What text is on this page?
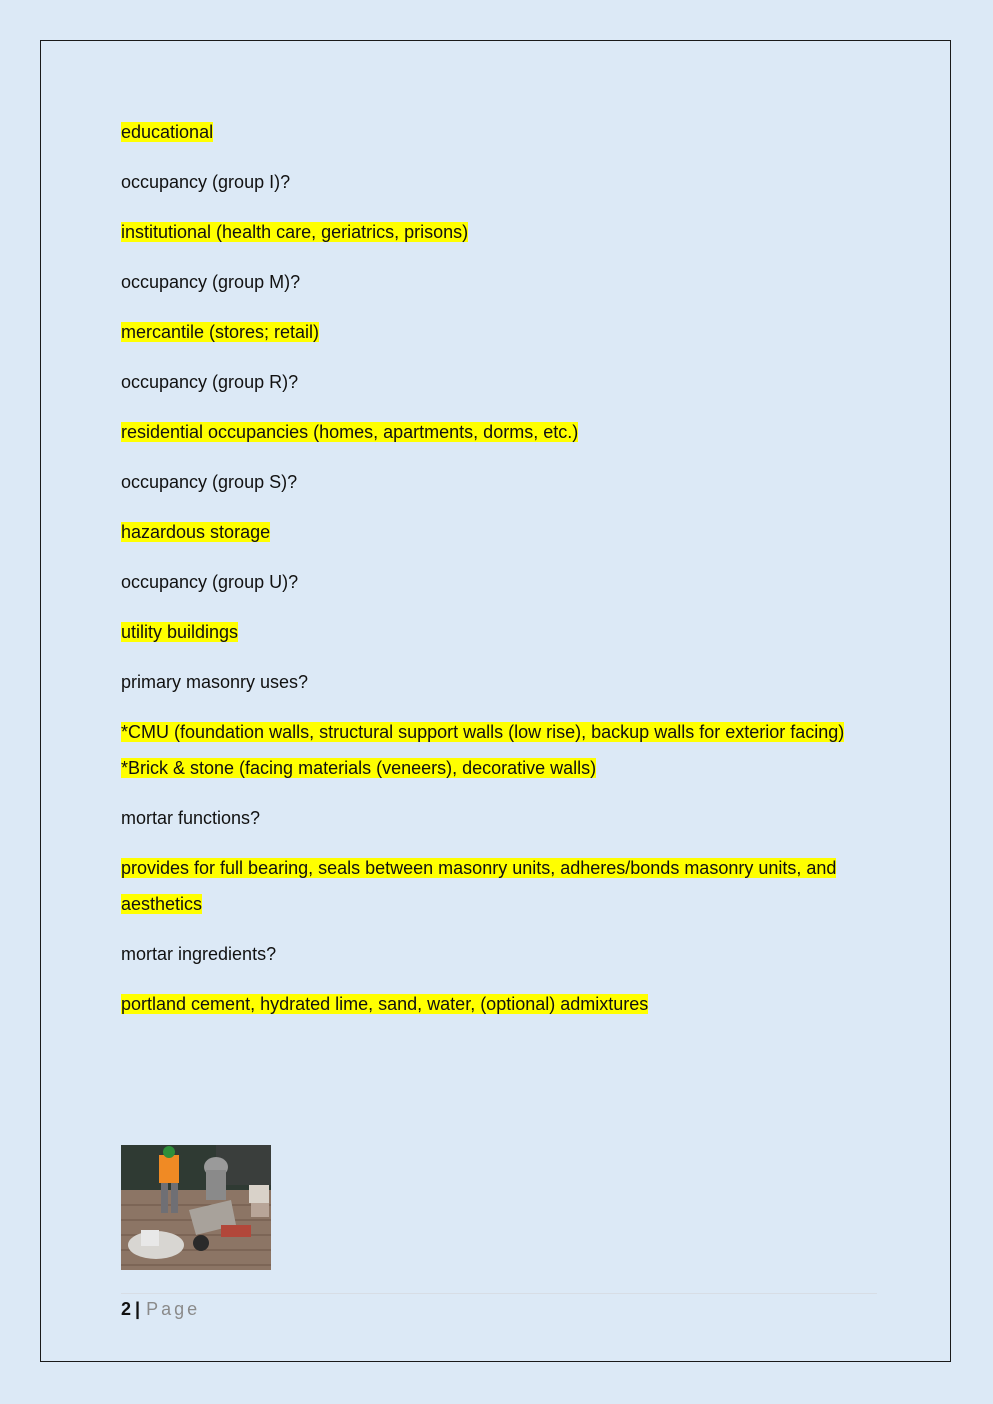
educational

occupancy (group I)?

institutional (health care, geriatrics, prisons)

occupancy (group M)?

mercantile (stores; retail)

occupancy (group R)?

residential occupancies (homes, apartments, dorms, etc.)

occupancy (group S)?

hazardous storage

occupancy (group U)?

utility buildings

primary masonry uses?

*CMU (foundation walls, structural support walls (low rise), backup walls for exterior facing)

*Brick & stone (facing materials (veneers), decorative walls)

mortar functions?

provides for full bearing, seals between masonry units, adheres/bonds masonry units, and aesthetics

mortar ingredients?

portland cement, hydrated lime, sand, water, (optional) admixtures

2 | Page
